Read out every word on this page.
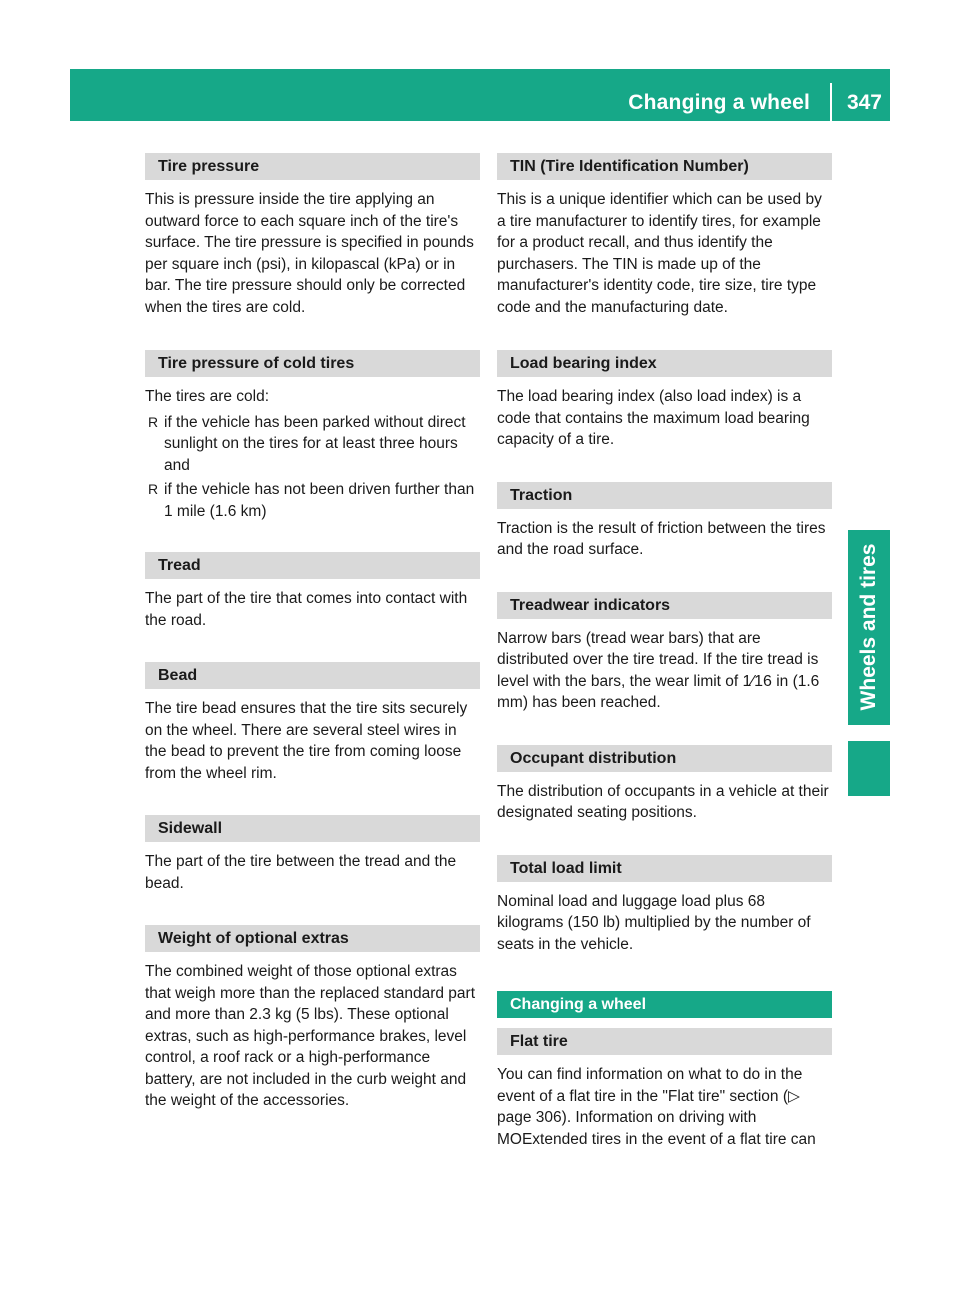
Changing a wheel 347
Wheels and tires
Tire pressure
This is pressure inside the tire applying an outward force to each square inch of the tire's surface. The tire pressure is specified in pounds per square inch (psi), in kilopascal (kPa) or in bar. The tire pressure should only be corrected when the tires are cold.
Tire pressure of cold tires
The tires are cold:
R if the vehicle has been parked without direct sunlight on the tires for at least three hours and
R if the vehicle has not been driven further than 1 mile (1.6 km)
Tread
The part of the tire that comes into contact with the road.
Bead
The tire bead ensures that the tire sits securely on the wheel. There are several steel wires in the bead to prevent the tire from coming loose from the wheel rim.
Sidewall
The part of the tire between the tread and the bead.
Weight of optional extras
The combined weight of those optional extras that weigh more than the replaced standard part and more than 2.3 kg (5 lbs). These optional extras, such as high-performance brakes, level control, a roof rack or a high-performance battery, are not included in the curb weight and the weight of the accessories.
TIN (Tire Identification Number)
This is a unique identifier which can be used by a tire manufacturer to identify tires, for example for a product recall, and thus identify the purchasers. The TIN is made up of the manufacturer's identity code, tire size, tire type code and the manufacturing date.
Load bearing index
The load bearing index (also load index) is a code that contains the maximum load bearing capacity of a tire.
Traction
Traction is the result of friction between the tires and the road surface.
Treadwear indicators
Narrow bars (tread wear bars) that are distributed over the tire tread. If the tire tread is level with the bars, the wear limit of 1⁄16 in (1.6 mm) has been reached.
Occupant distribution
The distribution of occupants in a vehicle at their designated seating positions.
Total load limit
Nominal load and luggage load plus 68 kilograms (150 lb) multiplied by the number of seats in the vehicle.
Changing a wheel
Flat tire
You can find information on what to do in the event of a flat tire in the "Flat tire" section (▷ page 306). Information on driving with MOExtended tires in the event of a flat tire can
